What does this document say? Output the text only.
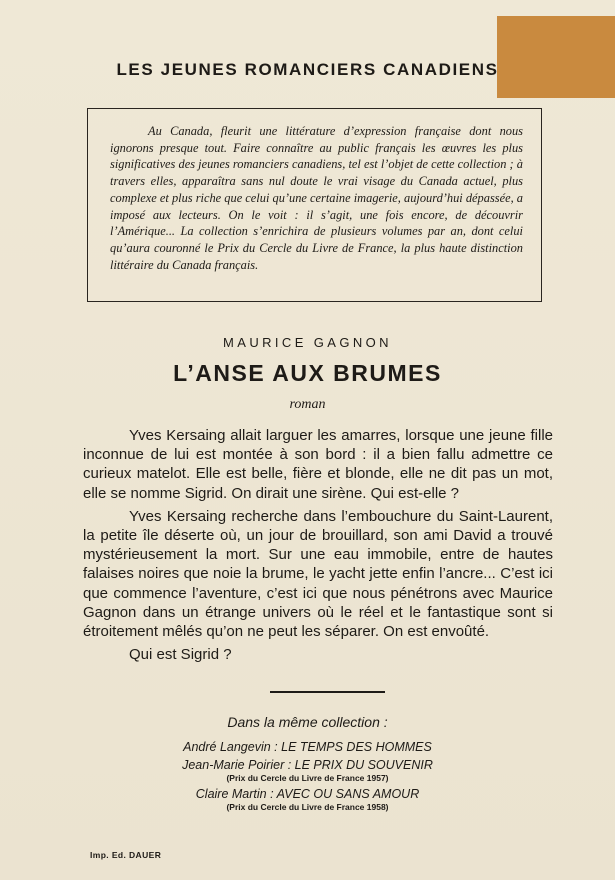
LES JEUNES ROMANCIERS CANADIENS

Au Canada, fleurit une littérature d’expression française dont nous ignorons presque tout. Faire connaître au public français les œuvres les plus significatives des jeunes romanciers canadiens, tel est l’objet de cette collection ; à travers elles, apparaîtra sans nul doute le vrai visage du Canada actuel, plus complexe et plus riche que celui qu’une certaine imagerie, aujourd’hui dépassée, a imposé aux lecteurs. On le voit : il s’agit, une fois encore, de découvrir l’Amérique... La collection s’enrichira de plusieurs volumes par an, dont celui qu’aura couronné le Prix du Cercle du Livre de France, la plus haute distinction littéraire du Canada français.

MAURICE GAGNON
L’ANSE AUX BRUMES
roman

Yves Kersaing allait larguer les amarres, lorsque une jeune fille inconnue de lui est montée à son bord : il a bien fallu admettre ce curieux matelot. Elle est belle, fière et blonde, elle ne dit pas un mot, elle se nomme Sigrid. On dirait une sirène. Qui est-elle ?

Yves Kersaing recherche dans l’embouchure du Saint-Laurent, la petite île déserte où, un jour de brouillard, son ami David a trouvé mystérieusement la mort. Sur une eau immobile, entre de hautes falaises noires que noie la brume, le yacht jette enfin l’ancre... C’est ici que commence l’aventure, c’est ici que nous pénétrons avec Maurice Gagnon dans un étrange univers où le réel et le fantastique sont si étroitement mêlés qu’on ne peut les séparer. On est envoûté.

Qui est Sigrid ?

Dans la même collection :
André Langevin : LE TEMPS DES HOMMES
Jean-Marie Poirier : LE PRIX DU SOUVENIR
(Prix du Cercle du Livre de France 1957)
Claire Martin : AVEC OU SANS AMOUR
(Prix du Cercle du Livre de France 1958)
Imp. Ed. DAUER
